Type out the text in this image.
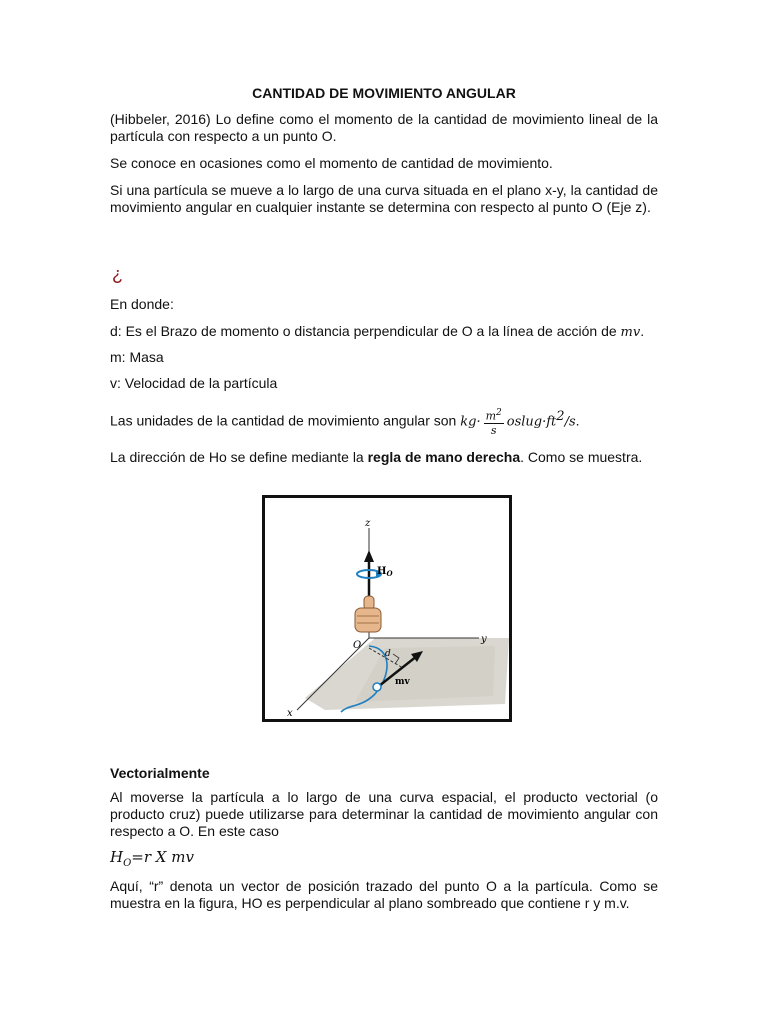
CANTIDAD DE MOVIMIENTO ANGULAR

(Hibbeler, 2016) Lo define como el momento de la cantidad de movimiento lineal de la partícula con respecto a un punto O.

Se conoce en ocasiones como el momento de cantidad de movimiento.

Si una partícula se mueve a lo largo de una curva situada en el plano x-y, la cantidad de movimiento angular en cualquier instante se determina con respecto al punto O (Eje z).

¿
En donde:
d: Es el Brazo de momento o distancia perpendicular de O a la línea de acción de mv.
m: Masa
v: Velocidad de la partícula
Las unidades de la cantidad de movimiento angular son $kg\cdot \frac{m^2}{s}$ $oslug\cdot ft^2/s$.
La dirección de Ho se define mediante la regla de mano derecha. Como se muestra.
z
y
x
O
d
$H_O$
mv
Vectorialmente

Al moverse la partícula a lo largo de una curva espacial, el producto vectorial (o producto cruz) puede utilizarse para determinar la cantidad de movimiento angular con respecto a O. En este caso

$H_O=r$ X mv

Aquí, “r” denota un vector de posición trazado del punto O a la partícula. Como se muestra en la figura, HO es perpendicular al plano sombreado que contiene r y m.v.
